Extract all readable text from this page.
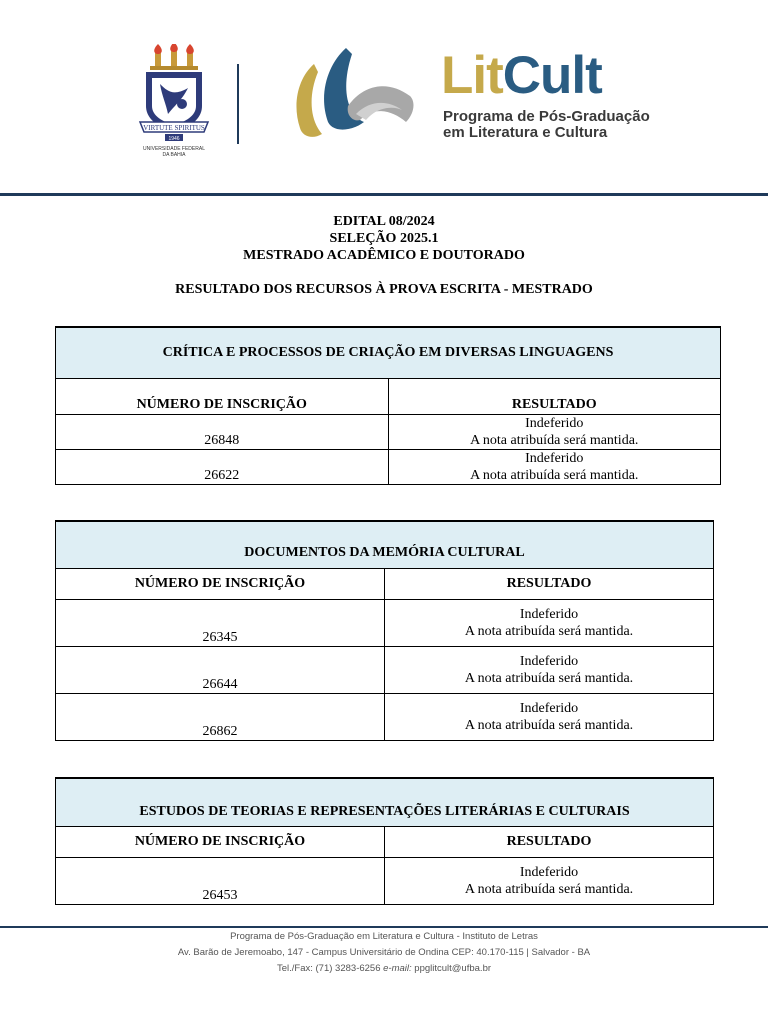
VIRTUTE SPIRITUS
1946
UNIVERSIDADE FEDERAL
DA BAHIA
LitCult
Programa de Pós-Graduação
em Literatura e Cultura
EDITAL 08/2024
SELEÇÃO 2025.1
MESTRADO ACADÊMICO E DOUTORADO
RESULTADO DOS RECURSOS À PROVA ESCRITA - MESTRADO
CRÍTICA E PROCESSOS DE CRIAÇÃO EM DIVERSAS LINGUAGENS	
NÚMERO DE INSCRIÇÃO	RESULTADO
26848	Indeferido
A nota atribuída será mantida.

26622	Indeferido
A nota atribuída será mantida.
DOCUMENTOS DA MEMÓRIA CULTURAL	
NÚMERO DE INSCRIÇÃO	RESULTADO
26345	Indeferido
A nota atribuída será mantida.

26644	Indeferido
A nota atribuída será mantida.

26862	Indeferido
A nota atribuída será mantida.
ESTUDOS DE TEORIAS E REPRESENTAÇÕES LITERÁRIAS E CULTURAIS	
NÚMERO DE INSCRIÇÃO	RESULTADO
26453	Indeferido
A nota atribuída será mantida.
Programa de Pós-Graduação em Literatura e Cultura - Instituto de Letras
Av. Barão de Jeremoabo, 147 - Campus Universitário de Ondina CEP: 40.170-115 | Salvador - BA
Tel./Fax: (71) 3283-6256 e-mail: ppglitcult@ufba.br
